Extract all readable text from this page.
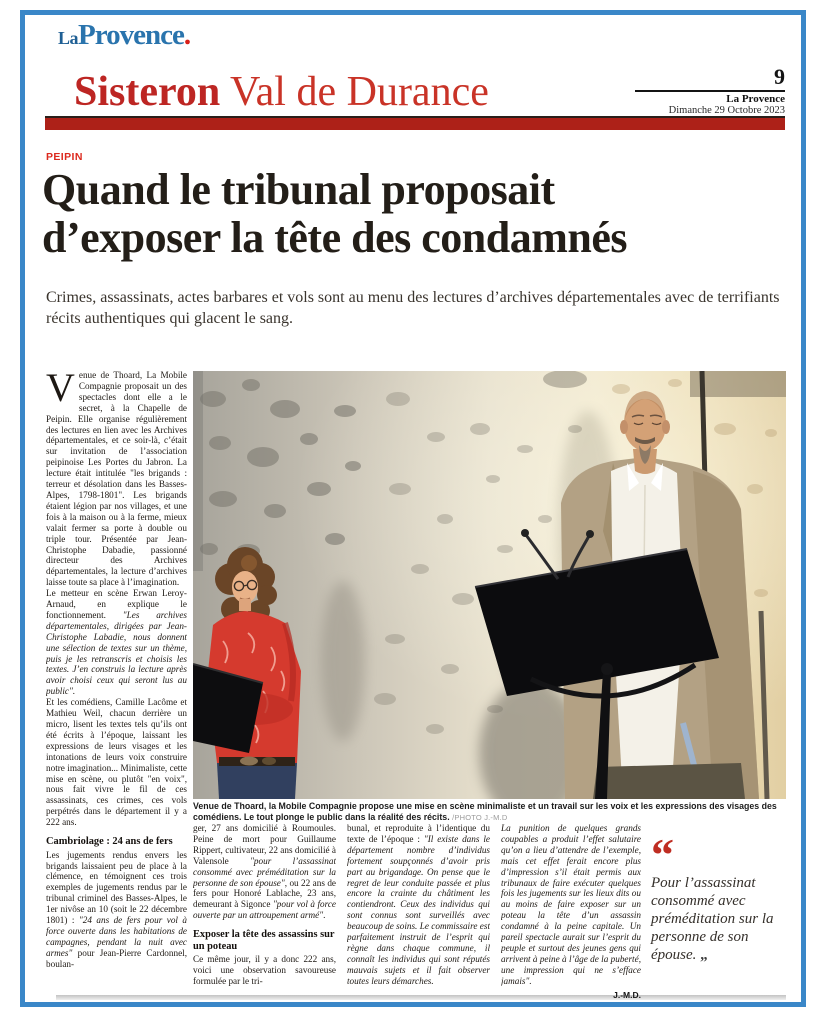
LaProvence.
Sisteron Val de Durance	9
La Provence
Dimanche 29 Octobre 2023
PEIPIN
Quand le tribunal proposait
d’exposer la tête des condamnés
Crimes, assassinats, actes barbares et vols sont au menu des lectures d’archives départementales avec de terrifiants récits authentiques qui glacent le sang.

Venue de Thoard, La Mobile Compagnie proposait un des spectacles dont elle a le secret, à la Chapelle de Peipin. Elle organise régulièrement des lectures en lien avec les Archives départementales, et ce soir-là, c’était sur invitation de l’association peipinoise Les Portes du Jabron. La lecture était intitulée "les brigands : terreur et désolation dans les Basses-Alpes, 1798-1801". Les brigands étaient légion par nos villages, et une fois à la maison ou à la ferme, mieux valait fermer sa porte à double ou triple tour. Présentée par Jean-Christophe Dabadie, passionné directeur des Archives départementales, la lecture d’archives laisse toute sa place à l’imagination.

Le metteur en scène Erwan Leroy-Arnaud, en explique le fonctionnement. "Les archives départementales, dirigées par Jean-Christophe Labadie, nous donnent une sélection de textes sur un thème, puis je les retranscris et choisis les textes. J’en construis la lecture après avoir choisi ceux qui seront lus au public".

Et les comédiens, Camille Lacôme et Mathieu Weil, chacun derrière un micro, lisent les textes tels qu’ils ont été écrits à l’époque, laissant les expressions de leurs visages et les intonations de leurs voix construire notre imagination... Minimaliste, cette mise en scène, ou plutôt "en voix", nous fait vivre le fil de ces assassinats, ces crimes, ces vols perpétrés dans le département il y a 222 ans.

Cambriolage : 24 ans de fers

Les jugements rendus envers les brigands laissaient peu de place à la clémence, en témoignent ces trois exemples de jugements rendus par le tribunal criminel des Basses-Alpes, le 1er nivôse an 10 (soit le 22 décembre 1801) : "24 ans de fers pour vol à force ouverte dans les habitations de campagnes, pendant la nuit avec armes" pour Jean-Pierre Cardonnel, boulan-

Venue de Thoard, la Mobile Compagnie propose une mise en scène minimaliste et un travail sur les voix et les expressions des visages des comédiens. Le tout plonge le public dans la réalité des récits. /PHOTO J.-M.D

ger, 27 ans domicilié à Roumoules. Peine de mort pour Guillaume Rippert, cultivateur, 22 ans domicilié à Valensole "pour l’assassinat consommé avec préméditation sur la personne de son épouse", ou 22 ans de fers pour Honoré Lablache, 23 ans, demeurant à Sigonce "pour vol à force ouverte par un attroupement armé".

Exposer la tête des assassins sur un poteau

Ce même jour, il y a donc 222 ans, voici une observation savoureuse formulée par le tri-

bunal, et reproduite à l’identique du texte de l’époque : "Il existe dans le département nombre d’individus fortement soupçonnés d’avoir pris part au brigandage. On pense que le regret de leur conduite passée et plus encore la crainte du châtiment les contiendront. Ceux des individus qui sont connus sont surveillés avec beaucoup de soins. Le commissaire est parfaitement instruit de l’esprit qui règne dans chaque commune, il connaît les individus qui sont réputés mauvais sujets et il fait observer toutes leurs démarches.

La punition de quelques grands coupables a produit l’effet salutaire qu’on a lieu d’attendre de l’exemple, mais cet effet ferait encore plus d’impression s’il était permis aux tribunaux de faire exécuter quelques fois les jugements sur les lieux dits ou au moins de faire exposer sur un poteau la tête d’un assassin condamné à la peine capitale. Un pareil spectacle aurait sur l’esprit du peuple et surtout des jeunes gens qui arrivent à peine à l’âge de la puberté, une impression qui ne s’efface jamais".

J.-M.D.
“
Pour l’assassinat consommé avec préméditation sur la personne de son épouse. „
